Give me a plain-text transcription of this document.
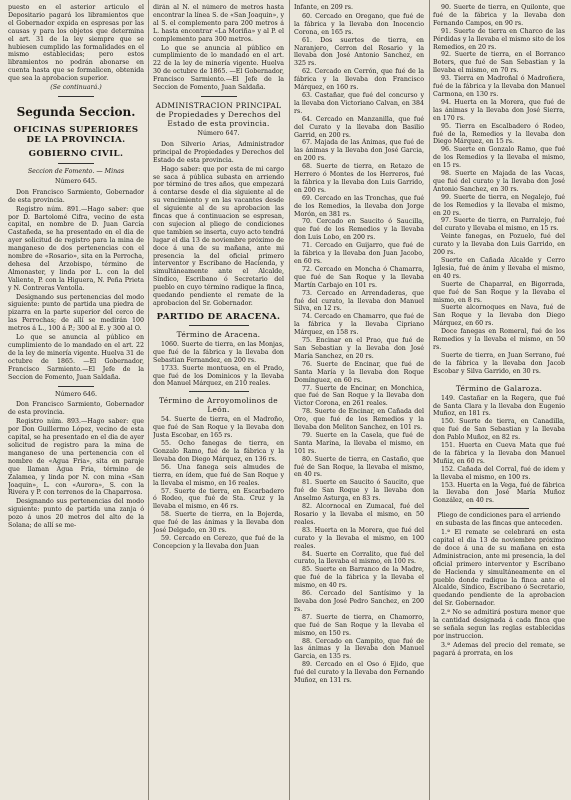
puesto en el asterior articulo el Depositario pagará los libramientos que el Gobernador expida en espresas por las causas y para los objetos que determina el art. 31 de la ley siempre que se hubiesen cumplido las formalidades en el mismo establecidas; pero estos libramientos no podrán abonarse en cuenta hasta que se formalicen, obtenida que sea la aprobacion superior.

(Se continuará.)

Segunda Seccion.
OFICINAS SUPERIORES DE LA PROVINCIA.
GOBIERNO CIVIL.

Seccion de Fomento. — Minas

Número 645.

Don Francisco Sarmiento, Gobernador de esta provincia.

Registro núm. 891.—Hago saber: que por D. Bartolomé Cifra, vecino de esta capital, en nombre de D. Juan García Castañeda, se ha presentado en el dia de ayer solicitud de registro para la mina de manganeso de dos pertenencias con el nombre de «Rosario», sita en la Perrocha, dehesa del Arzobispo, término de Almonaster, y linda por L. con la del Valiente, P. con la Higuera, N. Peña Prieta y N. Contreras Ventolla.

Designando sus pertenencias del modo siguiente: punto de partida una piedra de pizarra en la parte superior del cerco de las Perrochas; de allí se medirán 100 metros á L., 100 á P.; 300 al E. y 300 al O.

Lo que se anuncia al público en cumplimiento de lo mandado en el art. 22 de la ley de minería vigente. Huelva 31 de octubre de 1865. —El Gobernador, Francisco Sarmiento.—El Jefe de la Seccion de Fomento, Juan Saldaña.

Número 646.

Don Francisco Sarmiento, Gobernador de esta provincia.

Registro núm. 893.—Hago saber: que por Don Guillermo López, vecino de esta capital, se ha presentado en el dia de ayer solicitud de registro para la mina de manganeso de una pertenencia con el nombre de «Agua Fria», sita en paraje que llaman Agua Fria, término de Zalamea, y linda por N. con mina «San Joaquin», L. con «Aurora», S. con la Rivera y P. con terrenos de la Chaparrosa.

Designando sus pertenencias del modo siguiente: punto de partida una zanja ó pozo á unos 20 metros del alto de la Solana; de allí se me-

dirán al N. el número de metros hasta encontrar la línea S. de «San Joaquin», y al S. el complemento para 200 metros á L. hasta encontrar «La Moriña» y al P. el complemento para 300 metros.

Lo que se anuncia al público en cumplimiento de lo mandado en el art. 22 de la ley de minería vigente. Huelva 30 de octubre de 1865. —El Gobernador, Francisco Sarmiento.—El Jefe de la Seccion de Fomento, Juan Saldaña.

ADMINISTRACION PRINCIPAL de Propiedades y Derechos del Estado de esta provincia.

Número 647.

Don Silverio Arias, Administrador principal de Propiedades y Derechos del Estado de esta provincia.

Hago saber: que por esta de mi cargo se saca á pública subasta en arriendo por término de tres años, que empezará á contarse desde el dia siguiente al de su vencimiento y en las vacantes desde el siguiente al de su aprobacion las fincas que á continuacion se espresan, con sujecion al pliego de condiciones que tambien se inserta, cuyo acto tendrá lugar el dia 13 de noviembre próximo de doce á una de su mañana, ante mi presencia la del oficial primero interventor y Escribano de Hacienda, y simultáneamente ante el Alcalde, Síndico, Escribano ó Secretario del pueblo en cuyo término radique la finca, quedando pendiente el remate de la aprobacion del Sr. Gobernador.

PARTIDO DE ARACENA.
Término de Aracena.

1060. Suerte de tierra, en las Monjas, que fué de la fábrica y la llevaba don Sebastian Fernandez, en 200 rs.

1733. Suerte montuosa, en el Prado, que fué de los Dominicos y la llevaba don Manuel Márquez, en 210 reales.

Término de Arroyomolinos de León.

54. Suerte de tierra, en el Madroño, que fué de San Roque y la llevaba don Justa Escobar, en 165 rs.

55. Ocho fanegas de tierra, en Gonzalo Ramo, fué de la fábrica y la llevaba don Diego Márquez, en 136 rs.

56. Una fanega seis almudes de tierra, en ídem, que fué de San Roque y la llevaba el mismo, en 16 reales.

57. Suerte de tierra, en Escarbadero ó Rodeo, que fué de Sta. Cruz y la llevaba el mismo, en 46 rs.

58. Suerte de tierra, en la Bojerda, que fué de las ánimas y la llevaba don José Delgado, en 30 rs.

59. Cercado en Cerezo, que fué de la Concepcion y la llevaba don Juan

Infante, en 209 rs.

60. Cercado en Oregano, que fué de la fábrica y la llevaba don Inocencio Corona, en 165 rs.

61. Dos suertes de tierra, en Naranjero, Cerron del Rosario y la llevaba don José Antonio Sanchez, en 325 rs.

62. Cercado en Cerrón, que fué de la fábrica y la llevaba don Francisco Márquez, en 160 rs.

63. Castañar, que fué del concurso y la llevaba don Victoriano Calvan, en 384 rs.

64. Cercado en Manzanilla, que fué del Curato y la llevaba don Basilio Garrid, en 200 rs.

67. Majada de las Ánimas, que fué de las ánimas y la llevaba don José Garcia, en 200 rs.

68. Suerte de tierra, en Retazo de Herrero ó Montes de los Herreros, fué la fábrica y la llevaba don Luis Garrido, en 200 rs.

69. Cercado en las Tronchas, que fué de los Remedios, la llevaba don Jorge Morón, en 381 rs.

70. Cercado en Saucito ó Saucilla, que fué de los Remedios y la llevaba don Luis Lobo, en 200 rs.

71. Cercado en Guijarro, que fué de la fábrica y la llevaba don Juan Jacobo, en 60 rs.

72. Cercado en Moncha ó Chamarra, que fué de San Roque y la llevaba Martín Carbajo en 101 rs.

73. Cercado en Arrendaderas, que fué del curato, la llevaba don Manuel Silva, en 12 rs.

74. Cercado en Chamarro, que fué de la fábrica y la llevaba Cipriano Márquez, en 158 rs.

75. Encinar en el Prao, que fué de San Sebastian y la llevaba don José María Sanchez, en 20 rs.

76. Suerte de Encinar, que fué de Santa María y la llevaba don Roque Domínguez, en 60 rs.

77. Suerte de Encinar, en Monchica, que fué de San Roque y la llevaba don Victor Corona, en 261 reales.

78. Suerte de Encinar, en Cañada del Oro, que fué de los Remedios y la llevaba don Meliton Sanchez, en 101 rs.

79. Suerte en la Casela, que fué de Santa Marina, la llevaba el mismo, en 101 rs.

80. Suerte de tierra, en Castaño, que fué de San Roque, la llevaba el mismo, en 40 rs.

81. Suerte en Saucito ó Saucito, que fué de San Roque y la llevaba don Anselmo Asturga, en 83 rs.

82. Alcornocal en Zumacal, fué del Rosario y la llevaba el mismo, en 50 reales.

83. Huerta en la Morera, que fué del curato y la llevaba el mismo, en 100 reales.

84. Suerte en Corralito, que fué del curato, la llevaba el mismo, en 100 rs.

85. Suerte en Barranco de la Madre, que fué de la fábrica y la llevaba el mismo, en 40 rs.

86. Cercado del Santísimo y la llevaba don José Pedro Sanchez, en 200 rs.

87. Suerte de tierra, en Chamorro, que fué de San Roque y la llevaba el mismo, en 150 rs.

88. Cercado en Campito, que fué de las ánimas y la llevaba don Manuel Garcia, en 135 rs.

89. Cercado en el Oso ó Ejido, que fué del curato y la llevaba don Fernando Muñoz, en 131 rs.

90. Suerte de tierra, en Quilonte, que fué de la fábrica y la llevaba don Fernando Campos, en 90 rs.

91. Suerte de tierra en Charco de las Pérdidas y la llevaba el mismo sito de los Remedios, en 20 rs.

92. Suerte de tierra, en el Borranco Boters, que fué de San Sebastian y la llevaba el mismo, en 70 rs.

93. Tierra en Madroñal ó Madroñera, fué de la fábrica y la llevaba don Manuel Carmona, en 130 rs.

94. Huerta en la Morera, que fué de las ánimas y la llevaba don José Sierra, en 170 rs.

95. Tierra en Escalbadero ó Rodeo, fué de la, Remedios y la llevaba don Diego Márquez, en 15 rs.

96. Suerte en Gonzalo Ramo, que fué de los Remedios y la llevaba el mismo, en 15 rs.

98. Suerte en Majada de las Vacas, que fué del curato y la llevaba don José Antonio Sanchez, en 30 rs.

99. Suerte de tierra, en Negalejo, fué de los Remedios y la llevaba el mismo, en 20 rs.

97. Suerte de tierra, en Parralejo, fué del curato y llevaba el mismo, en 15 rs.

Veinte fanegas, en Pozuelo, fué del curato y la llevaba don Luis Garrido, en 200 rs.

Suerte en Cañada Alcalde y Cerro Iglesia, fué de ánim y llevaba el mismo, en 40 rs.

Suerte de Chaparral, en Bigorrada, que fué de San Roque y la llevaba el mismo, en 8 rs.

Suerte alcornoques en Nava, fué de San Roque y la llevaba don Diego Márquez, en 60 rs.

Doce fanegas en Romeral, fué de los Remedios y la llevaba el mismo, en 50 rs.

Suerte de tierra, en Juan Serrano, fué de la fábrica y la llevaba don Jacob Escobar y Silva Garrido, en 30 rs.

Término de Galaroza.

149. Castañar en la Regera, que fué de Santa Clara y la llevaba don Eugenio Muñoz, en 181 rs.

150. Suerte de tierra, en Canadilla, que fué de San Sebastian y la llevaba don Pablo Muñoz, en 82 rs.

151. Huerta en Cueva Mata que fué de la fábrica y la llevaba don Manuel Muñiz, en 60 rs.

152. Cañada del Corral, fué de idem y la llevaba el mismo, en 100 rs.

153. Huerta en la Vega, fué de fábrica la llevaba don José María Muñoz González, en 40 rs.

Pliego de condiciones para el arriendo en subasta de las fincas que anteceden.

1.ª El remate se celebrará en esta capital el dia 13 de noviembre próximo de doce á una de su mañana en esta Administracion, ante mi presencia, la del oficial primero interventor y Escribano de Hacienda y simultáneamente en el pueblo donde radique la finca ante el Alcalde, Síndico, Escribano ó Secretario, quedando pendiente de la aprobacion del Sr. Gobernador.

2.ª No se admitirá postura menor que la cantidad designada á cada finca que se señala segun las reglas establecidas por instruccion.

3.ª Ademas del precio del remate, se pagará á prorrata, en los
